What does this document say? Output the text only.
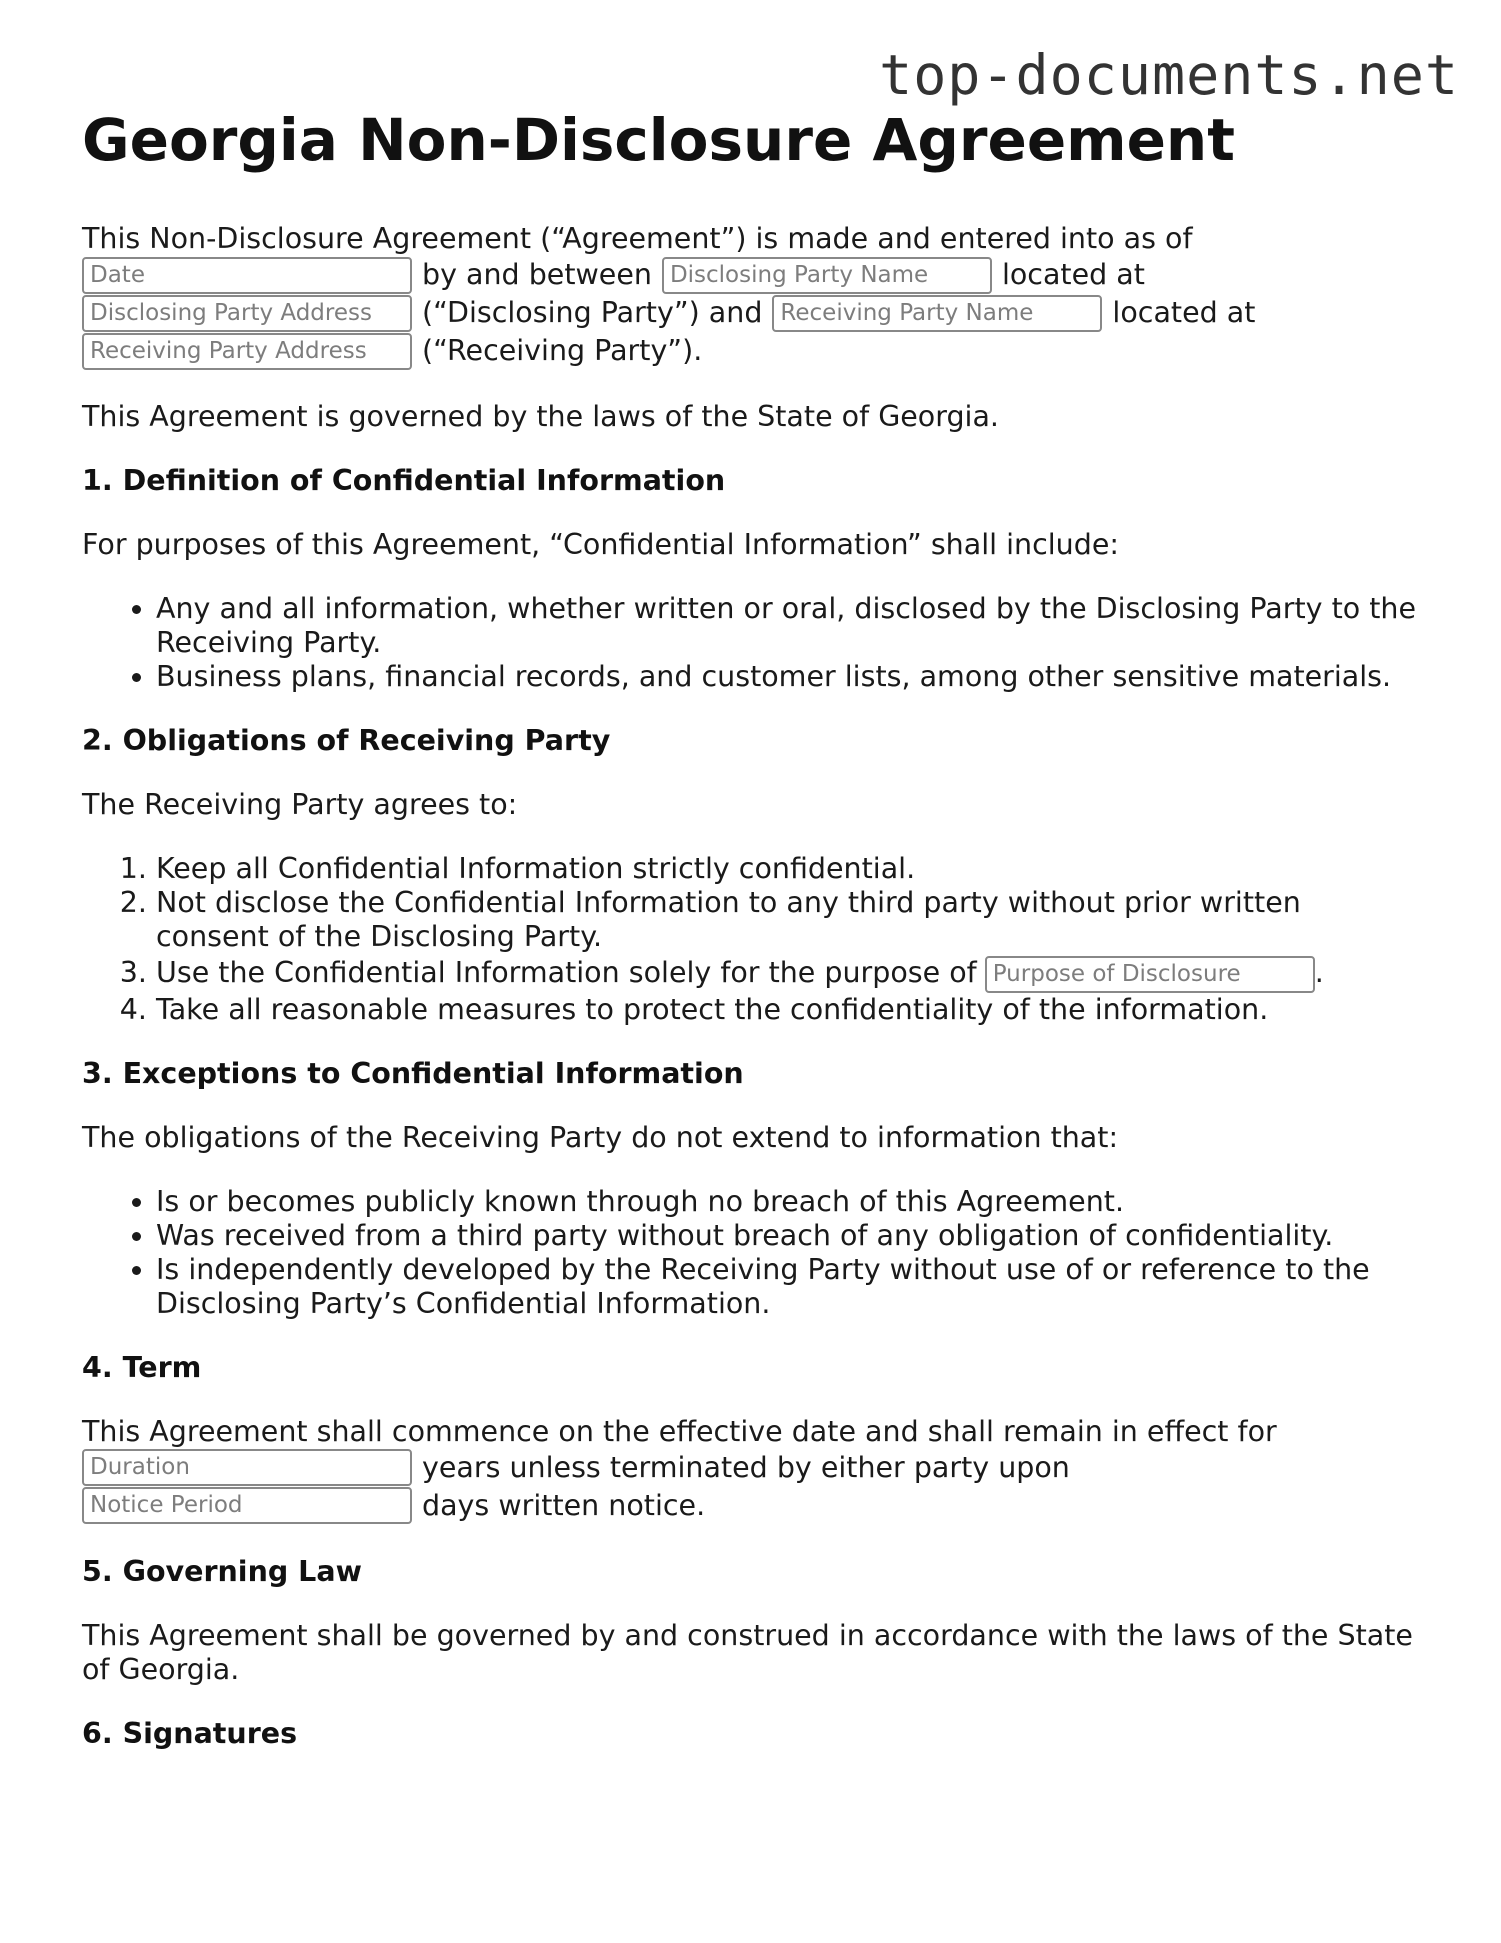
top-documents.net
Georgia Non-Disclosure Agreement
This Non-Disclosure Agreement (“Agreement”) is made and entered into as of
Date	by and between Disclosing Party Name	located at
Disclosing Party Address	(“Disclosing Party”) and Receiving Party Name	located at
Receiving Party Address	(“Receiving Party”).

This Agreement is governed by the laws of the State of Georgia.

1. Definition of Confidential Information

For purposes of this Agreement, “Confidential Information” shall include:

• Any and all information, whether written or oral, disclosed by the Disclosing Party to the Receiving Party.
• Business plans, financial records, and customer lists, among other sensitive materials.
2. Obligations of Receiving Party

The Receiving Party agrees to:

1. Keep all Confidential Information strictly confidential.
2. Not disclose the Confidential Information to any third party without prior written consent of the Disclosing Party.
3. Use the Confidential Information solely for the purpose of Purpose of Disclosure	.
4. Take all reasonable measures to protect the confidentiality of the information.
3. Exceptions to Confidential Information

The obligations of the Receiving Party do not extend to information that:

• Is or becomes publicly known through no breach of this Agreement.
• Was received from a third party without breach of any obligation of confidentiality.
• Is independently developed by the Receiving Party without use of or reference to the Disclosing Party’s Confidential Information.
4. Term

This Agreement shall commence on the effective date and shall remain in effect for

Duration	years unless terminated by either party upon
Notice Period	days written notice.
5. Governing Law

This Agreement shall be governed by and construed in accordance with the laws of the State of Georgia.

6. Signatures
